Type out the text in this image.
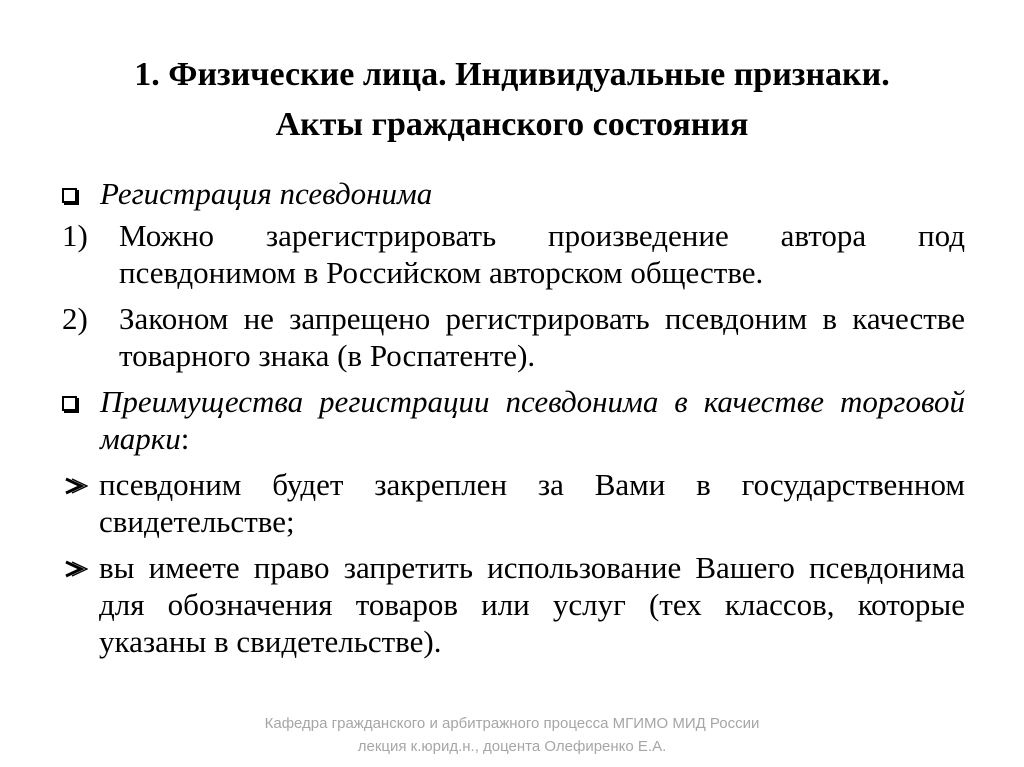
1. Физические лица. Индивидуальные признаки.
Акты гражданского состояния
Регистрация псевдонима
1) Можно зарегистрировать произведение автора под псевдонимом в Российском авторском обществе.
2) Законом не запрещено регистрировать псевдоним в качестве товарного знака (в Роспатенте).
Преимущества регистрации псевдонима в качестве торговой марки:
псевдоним будет закреплен за Вами в государственном свидетельстве;
вы имеете право запретить использование Вашего псевдонима для обозначения товаров или услуг (тех классов, которые указаны в свидетельстве).
Кафедра гражданского и арбитражного процесса МГИМО МИД России
лекция к.юрид.н., доцента Олефиренко Е.А.
